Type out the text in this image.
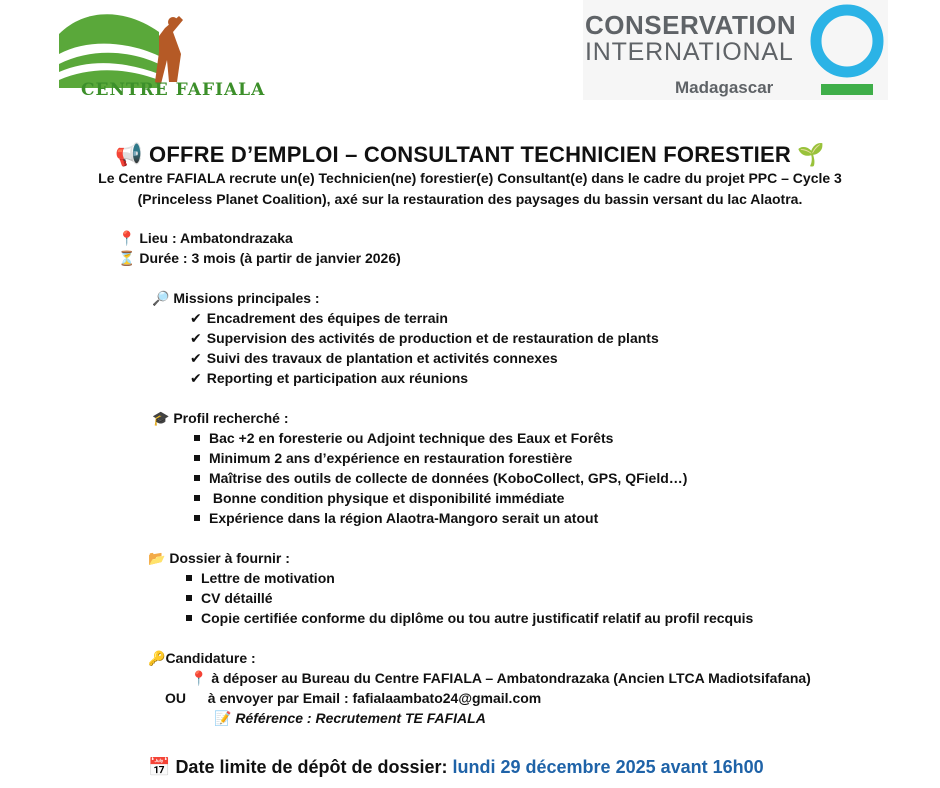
CENTRE FAFIALA
CONSERVATION
INTERNATIONAL
Madagascar
📢 OFFRE D’EMPLOI – CONSULTANT TECHNICIEN FORESTIER 🌱
Le Centre FAFIALA recrute un(e) Technicien(ne) forestier(e) Consultant(e) dans le cadre du projet PPC – Cycle 3
(Princeless Planet Coalition), axé sur la restauration des paysages du bassin versant du lac Alaotra.
📍 Lieu : Ambatondrazaka
⏳ Durée : 3 mois (à partir de janvier 2026)
🔎 Missions principales :
✔ Encadrement des équipes de terrain
✔ Supervision des activités de production et de restauration de plants
✔ Suivi des travaux de plantation et activités connexes
✔ Reporting et participation aux réunions
🎓 Profil recherché :
Bac +2 en foresterie ou Adjoint technique des Eaux et Forêts
Minimum 2 ans d’expérience en restauration forestière
Maîtrise des outils de collecte de données (KoboCollect, GPS, QField…)
Bonne condition physique et disponibilité immédiate
Expérience dans la région Alaotra-Mangoro serait un atout
📂 Dossier à fournir :
Lettre de motivation
CV détaillé
Copie certifiée conforme du diplôme ou tou autre justificatif relatif au profil recquis
🔑Candidature :
📍 à déposer au Bureau du Centre FAFIALA – Ambatondrazaka (Ancien LTCA Madiotsifafana)
OU à envoyer par Email : fafialaambato24@gmail.com
📝 Référence : Recrutement TE FAFIALA
📅 Date limite de dépôt de dossier: lundi 29 décembre 2025 avant 16h00
